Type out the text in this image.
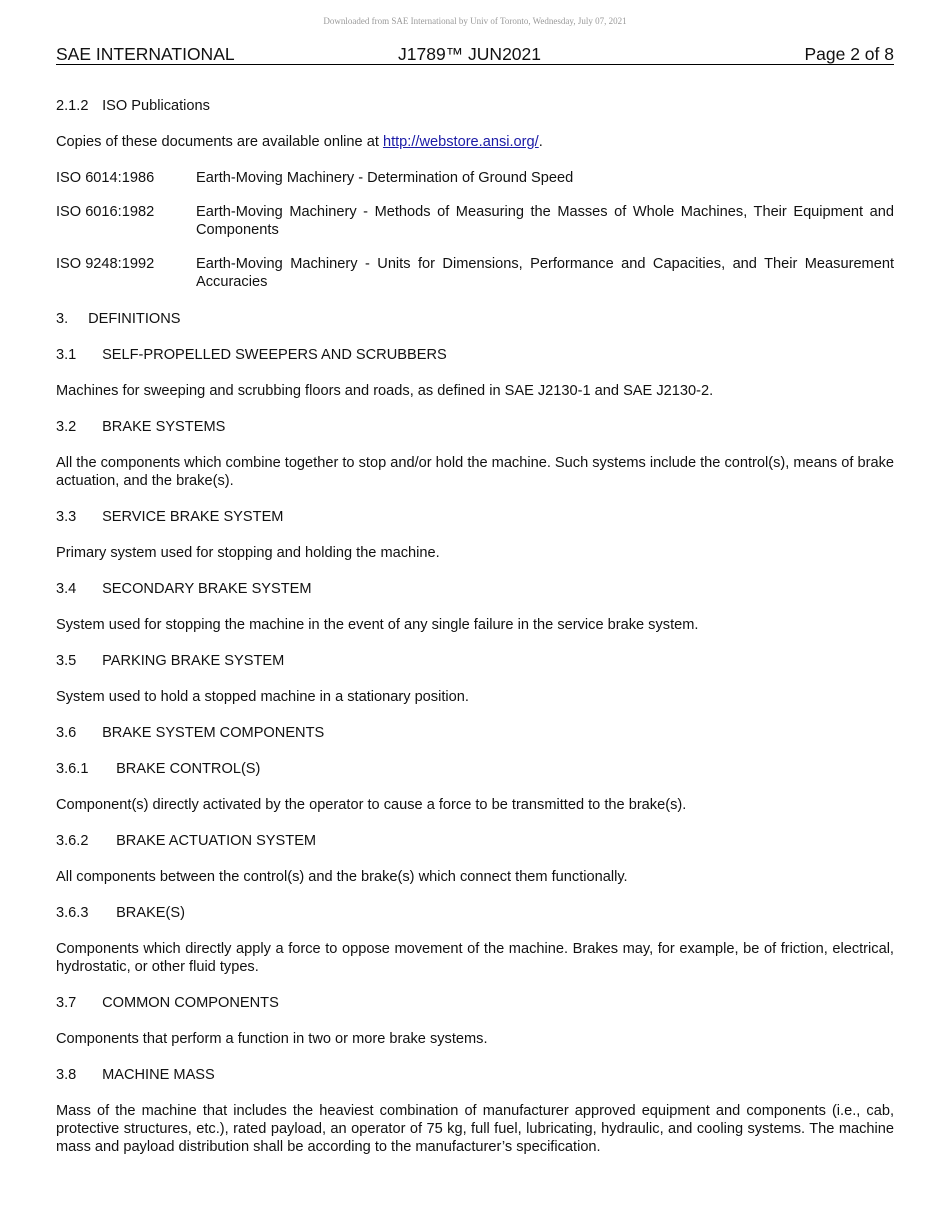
Downloaded from SAE International by Univ of Toronto, Wednesday, July 07, 2021
SAE INTERNATIONAL	J1789™ JUN2021	Page 2 of 8
2.1.2 ISO Publications
Copies of these documents are available online at http://webstore.ansi.org/.
ISO 6014:1986	Earth-Moving Machinery - Determination of Ground Speed
ISO 6016:1982	Earth-Moving Machinery - Methods of Measuring the Masses of Whole Machines, Their Equipment and Components
ISO 9248:1992	Earth-Moving Machinery - Units for Dimensions, Performance and Capacities, and Their Measurement Accuracies
3. DEFINITIONS
3.1 SELF-PROPELLED SWEEPERS AND SCRUBBERS
Machines for sweeping and scrubbing floors and roads, as defined in SAE J2130-1 and SAE J2130-2.
3.2 BRAKE SYSTEMS
All the components which combine together to stop and/or hold the machine. Such systems include the control(s), means of brake actuation, and the brake(s).
3.3 SERVICE BRAKE SYSTEM
Primary system used for stopping and holding the machine.
3.4 SECONDARY BRAKE SYSTEM
System used for stopping the machine in the event of any single failure in the service brake system.
3.5 PARKING BRAKE SYSTEM
System used to hold a stopped machine in a stationary position.
3.6 BRAKE SYSTEM COMPONENTS
3.6.1 BRAKE CONTROL(S)
Component(s) directly activated by the operator to cause a force to be transmitted to the brake(s).
3.6.2 BRAKE ACTUATION SYSTEM
All components between the control(s) and the brake(s) which connect them functionally.
3.6.3 BRAKE(S)
Components which directly apply a force to oppose movement of the machine. Brakes may, for example, be of friction, electrical, hydrostatic, or other fluid types.
3.7 COMMON COMPONENTS
Components that perform a function in two or more brake systems.
3.8 MACHINE MASS
Mass of the machine that includes the heaviest combination of manufacturer approved equipment and components (i.e., cab, protective structures, etc.), rated payload, an operator of 75 kg, full fuel, lubricating, hydraulic, and cooling systems. The machine mass and payload distribution shall be according to the manufacturer’s specification.
